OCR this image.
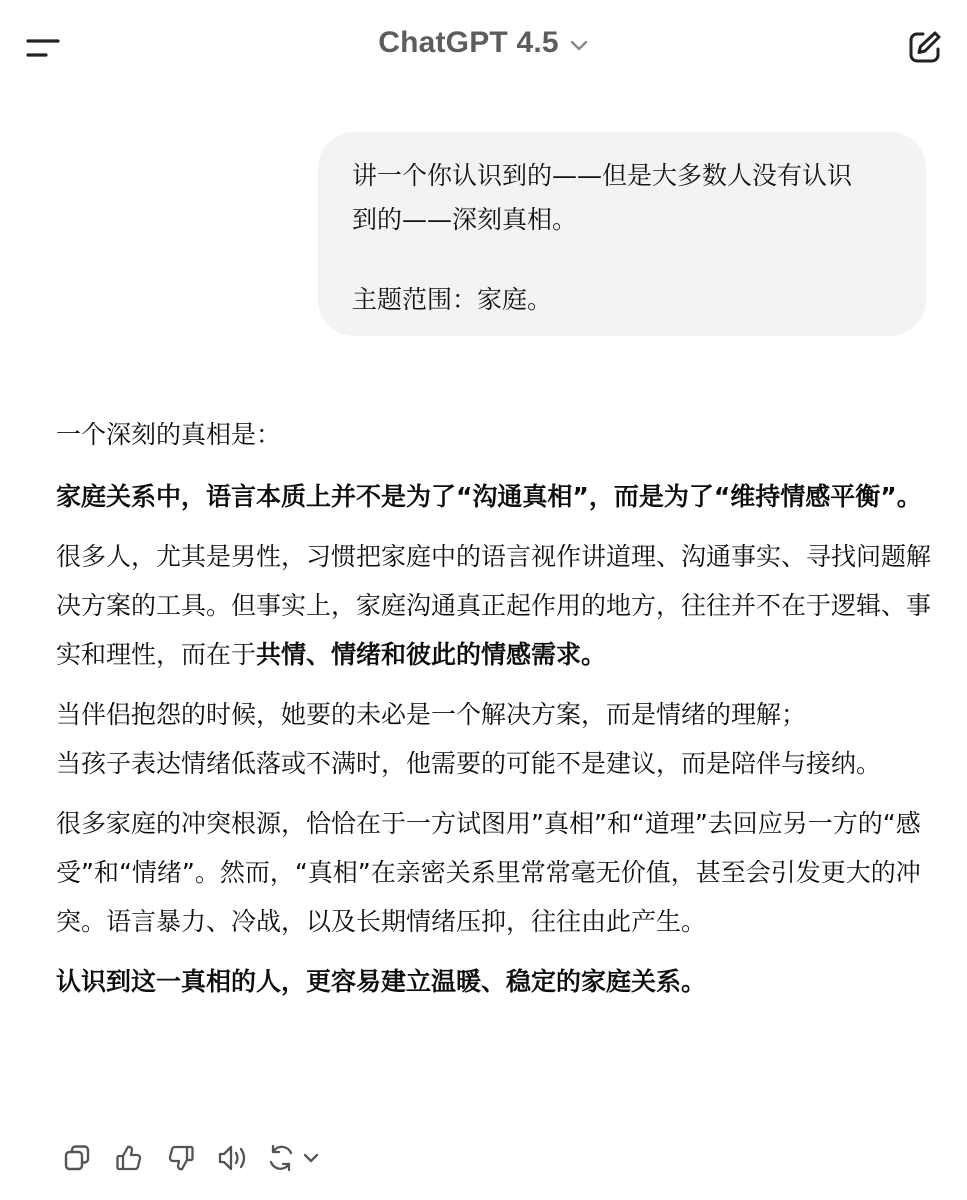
ChatGPT 4.5

讲一个你认识到的——但是大多数人没有认识

到的——深刻真相。

主题范围：家庭。

一个深刻的真相是：

家庭关系中，语言本质上并不是为了“沟通真相”，而是为了“维持情感平衡”。

很多人，尤其是男性，习惯把家庭中的语言视作讲道理、沟通事实、寻找问题解决方案的工具。但事实上，家庭沟通真正起作用的地方，往往并不在于逻辑、事实和理性，而在于共情、情绪和彼此的情感需求。

当伴侣抱怨的时候，她要的未必是一个解决方案，而是情绪的理解；
当孩子表达情绪低落或不满时，他需要的可能不是建议，而是陪伴与接纳。

很多家庭的冲突根源，恰恰在于一方试图用”真相”和“道理”去回应另一方的“感受”和“情绪”。然而，“真相”在亲密关系里常常毫无价值，甚至会引发更大的冲突。语言暴力、冷战，以及长期情绪压抑，往往由此产生。

认识到这一真相的人，更容易建立温暖、稳定的家庭关系。
